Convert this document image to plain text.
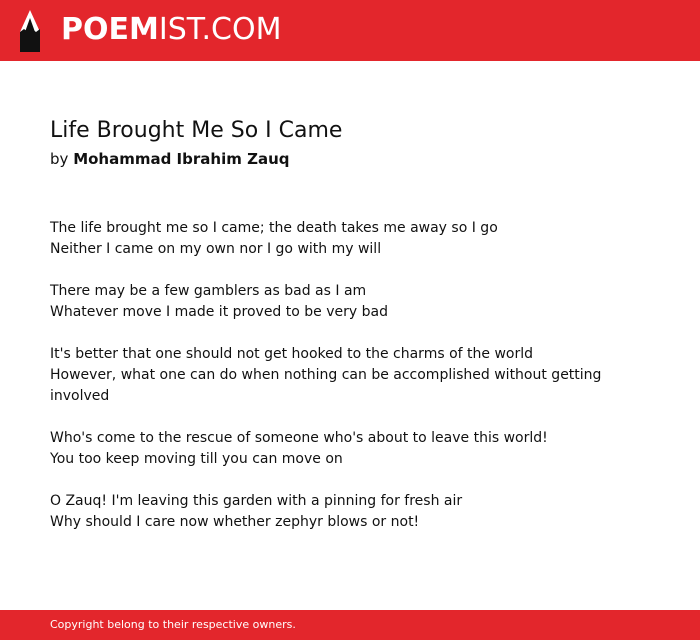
POEMIST.COM
Life Brought Me So I Came
by Mohammad Ibrahim Zauq

The life brought me so I came; the death takes me away so I go
Neither I came on my own nor I go with my will

There may be a few gamblers as bad as I am
Whatever move I made it proved to be very bad

It's better that one should not get hooked to the charms of the world
However, what one can do when nothing can be accomplished without getting involved

Who's come to the rescue of someone who's about to leave this world!
You too keep moving till you can move on

O Zauq! I'm leaving this garden with a pinning for fresh air
Why should I care now whether zephyr blows or not!

Copyright belong to their respective owners.
